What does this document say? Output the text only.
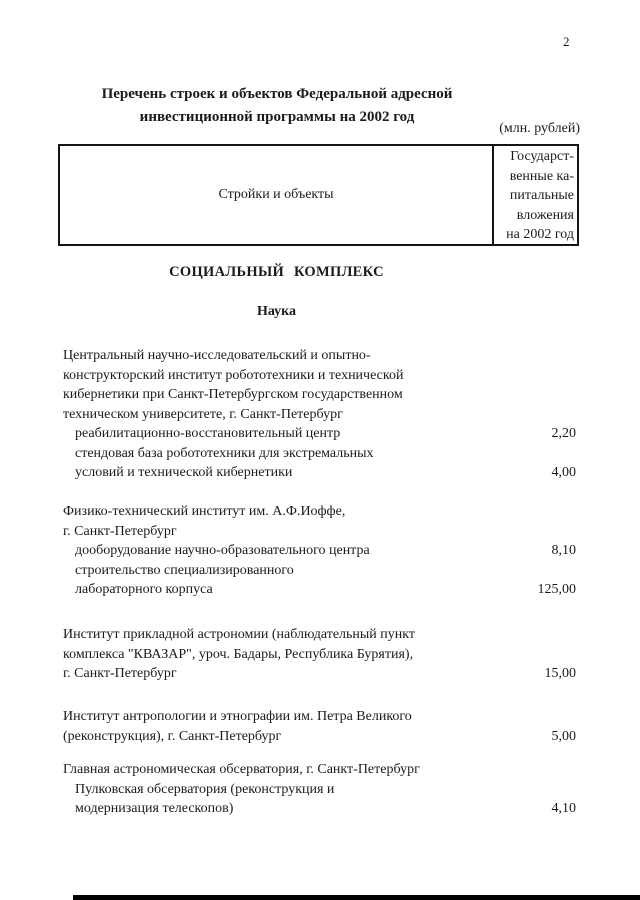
2
Перечень строек и объектов Федеральной адресной
инвестиционной программы на 2002 год
(млн. рублей)
Стройки и объекты
Государст-
венные ка-
питальные
вложения
на 2002 год
СОЦИАЛЬНЫЙ КОМПЛЕКС
Наука
Центральный научно-исследовательский и опытно-
конструкторский институт робототехники и технической
кибернетики при Санкт-Петербургском государственном
техническом университете, г. Санкт-Петербург
реабилитационно-восстановительный центр	2,20
стендовая база робототехники для экстремальных
условий и технической кибернетики	4,00
Физико-технический институт им. А.Ф.Иоффе,
г. Санкт-Петербург
дооборудование научно-образовательного центра	8,10
строительство специализированного
лабораторного корпуса	125,00
Институт прикладной астрономии (наблюдательный пункт
комплекса "КВАЗАР", уроч. Бадары, Республика Бурятия),
г. Санкт-Петербург	15,00
Институт антропологии и этнографии им. Петра Великого
(реконструкция), г. Санкт-Петербург	5,00
Главная астрономическая обсерватория, г. Санкт-Петербург
Пулковская обсерватория (реконструкция и
модернизация телескопов)	4,10
